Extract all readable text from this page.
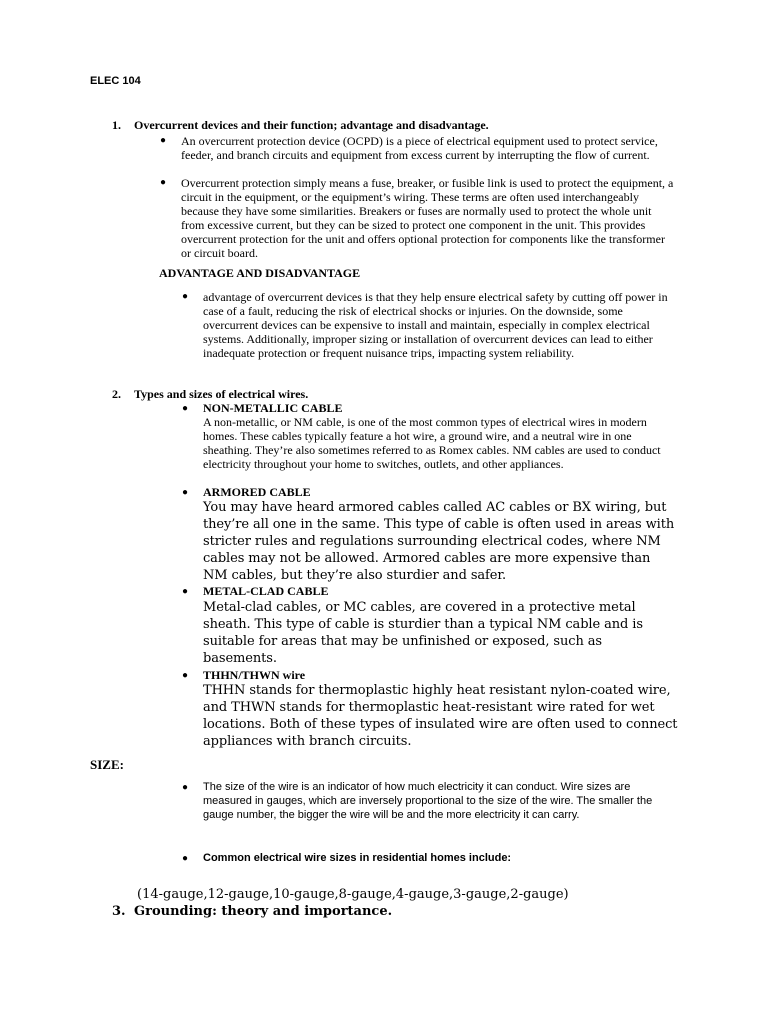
ELEC 104
1. Overcurrent devices and their function; advantage and disadvantage.
● An overcurrent protection device (OCPD) is a piece of electrical equipment used to protect service, feeder, and branch circuits and equipment from excess current by interrupting the flow of current.
● Overcurrent protection simply means a fuse, breaker, or fusible link is used to protect the equipment, a circuit in the equipment, or the equipment’s wiring. These terms are often used interchangeably because they have some similarities. Breakers or fuses are normally used to protect the whole unit from excessive current, but they can be sized to protect one component in the unit. This provides overcurrent protection for the unit and offers optional protection for components like the transformer or circuit board.
ADVANTAGE AND DISADVANTAGE
● advantage of overcurrent devices is that they help ensure electrical safety by cutting off power in case of a fault, reducing the risk of electrical shocks or injuries. On the downside, some overcurrent devices can be expensive to install and maintain, especially in complex electrical systems. Additionally, improper sizing or installation of overcurrent devices can lead to either inadequate protection or frequent nuisance trips, impacting system reliability.
2. Types and sizes of electrical wires.
● NON-METALLIC CABLE
A non-metallic, or NM cable, is one of the most common types of electrical wires in modern homes. These cables typically feature a hot wire, a ground wire, and a neutral wire in one sheathing. They’re also sometimes referred to as Romex cables. NM cables are used to conduct electricity throughout your home to switches, outlets, and other appliances.
● ARMORED CABLE
You may have heard armored cables called AC cables or BX wiring, but they’re all one in the same. This type of cable is often used in areas with stricter rules and regulations surrounding electrical codes, where NM cables may not be allowed. Armored cables are more expensive than NM cables, but they’re also sturdier and safer.
● METAL-CLAD CABLE
Metal-clad cables, or MC cables, are covered in a protective metal sheath. This type of cable is sturdier than a typical NM cable and is suitable for areas that may be unfinished or exposed, such as basements.
● THHN/THWN wire
THHN stands for thermoplastic highly heat resistant nylon-coated wire, and THWN stands for thermoplastic heat-resistant wire rated for wet locations. Both of these types of insulated wire are often used to connect appliances with branch circuits.
SIZE:
● The size of the wire is an indicator of how much electricity it can conduct. Wire sizes are measured in gauges, which are inversely proportional to the size of the wire. The smaller the gauge number, the bigger the wire will be and the more electricity it can carry.
● Common electrical wire sizes in residential homes include:
(14-gauge,12-gauge,10-gauge,8-gauge,4-gauge,3-gauge,2-gauge)
3. Grounding: theory and importance.
